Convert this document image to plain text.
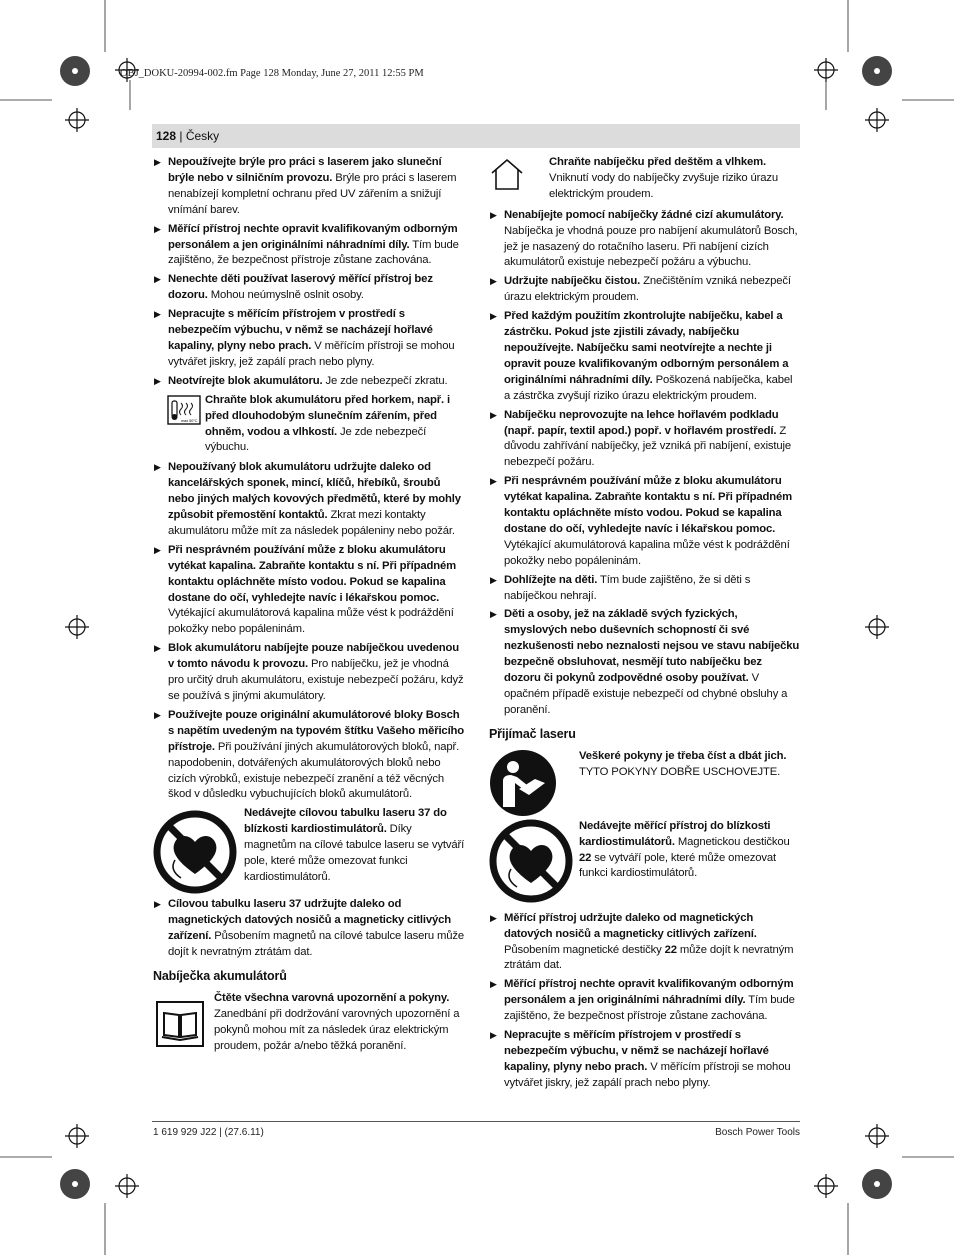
OBJ_DOKU-20994-002.fm Page 128 Monday, June 27, 2011 12:55 PM
128 | Česky

▶ Nepoužívejte brýle pro práci s laserem jako sluneční brýle nebo v silničním provozu. Brýle pro práci s laserem nenabízejí kompletní ochranu před UV zářením a snižují vnímání barev.

▶ Měřící přístroj nechte opravit kvalifikovaným odborným personálem a jen originálními náhradními díly. Tím bude zajištěno, že bezpečnost přístroje zůstane zachována.

▶ Nenechte děti používat laserový měřící přístroj bez dozoru. Mohou neúmyslně oslnit osoby.

▶ Nepracujte s měřícím přístrojem v prostředí s nebezpečím výbuchu, v němž se nacházejí hořlavé kapaliny, plyny nebo prach. V měřícím přístroji se mohou vytvářet jiskry, jež zapálí prach nebo plyny.

▶ Neotvírejte blok akumulátoru. Je zde nebezpečí zkratu.

max 50°C
Chraňte blok akumulátoru před horkem, např. i před dlouhodobým slunečním zářením, před ohněm, vodou a vlhkostí. Je zde nebezpečí výbuchu.

▶ Nepoužívaný blok akumulátoru udržujte daleko od kancelářských sponek, mincí, klíčů, hřebíků, šroubů nebo jiných malých kovových předmětů, které by mohly způsobit přemostění kontaktů. Zkrat mezi kontakty akumulátoru může mít za následek popáleniny nebo požár.

▶ Při nesprávném používání může z bloku akumulátoru vytékat kapalina. Zabraňte kontaktu s ní. Při případném kontaktu opláchněte místo vodou. Pokud se kapalina dostane do očí, vyhledejte navíc i lékařskou pomoc. Vytékající akumulátorová kapalina může vést k podráždění pokožky nebo popáleninám.

▶ Blok akumulátoru nabíjejte pouze nabíječkou uvedenou v tomto návodu k provozu. Pro nabíječku, jež je vhodná pro určitý druh akumulátoru, existuje nebezpečí požáru, když se používá s jinými akumulátory.

▶ Používejte pouze originální akumulátorové bloky Bosch s napětím uvedeným na typovém štítku Vašeho měřicího přístroje. Při používání jiných akumulátorových bloků, např. napodobenin, dotvářených akumulátorových bloků nebo cizích výrobků, existuje nebezpečí zranění a též věcných škod v důsledku vybuchujících bloků akumulátorů.

Nedávejte cílovou tabulku laseru 37 do blízkosti kardiostimulátorů. Díky magnetům na cílové tabulce laseru se vytváří pole, které může omezovat funkci kardiostimulátorů.

▶ Cílovou tabulku laseru 37 udržujte daleko od magnetických datových nosičů a magneticky citlivých zařízení. Působením magnetů na cílové tabulce laseru může dojít k nevratným ztrátám dat.

Nabíječka akumulátorů

Čtěte všechna varovná upozornění a pokyny. Zanedbání při dodržování varovných upozornění a pokynů mohou mít za následek úraz elektrickým proudem, požár a/nebo těžká poranění.
Chraňte nabíječku před deštěm a vlhkem. Vniknutí vody do nabíječky zvyšuje riziko úrazu elektrickým proudem.

▶ Nenabíjejte pomocí nabíječky žádné cizí akumulátory. Nabíječka je vhodná pouze pro nabíjení akumulátorů Bosch, jež je nasazený do rotačního laseru. Při nabíjení cizích akumulátorů existuje nebezpečí požáru a výbuchu.

▶ Udržujte nabíječku čistou. Znečištěním vzniká nebezpečí úrazu elektrickým proudem.

▶ Před každým použitím zkontrolujte nabíječku, kabel a zástrčku. Pokud jste zjistili závady, nabíječku nepoužívejte. Nabíječku sami neotvírejte a nechte ji opravit pouze kvalifikovaným odborným personálem a originálními náhradními díly. Poškozená nabíječka, kabel a zástrčka zvyšují riziko úrazu elektrickým proudem.

▶ Nabíječku neprovozujte na lehce hořlavém podkladu (např. papír, textil apod.) popř. v hořlavém prostředí. Z důvodu zahřívání nabíječky, jež vzniká při nabíjení, existuje nebezpečí požáru.

▶ Při nesprávném používání může z bloku akumulátoru vytékat kapalina. Zabraňte kontaktu s ní. Při případném kontaktu opláchněte místo vodou. Pokud se kapalina dostane do očí, vyhledejte navíc i lékařskou pomoc. Vytékající akumulátorová kapalina může vést k podráždění pokožky nebo popáleninám.

▶ Dohlížejte na děti. Tím bude zajištěno, že si děti s nabíječkou nehrají.

▶ Děti a osoby, jež na základě svých fyzických, smyslových nebo duševních schopností či své nezkušenosti nebo neznalosti nejsou ve stavu nabíječku bezpečně obsluhovat, nesmějí tuto nabíječku bez dozoru či pokynů zodpovědné osoby používat. V opačném případě existuje nebezpečí od chybné obsluhy a poranění.

Přijímač laseru

Veškeré pokyny je třeba číst a dbát jich. TYTO POKYNY DOBŘE USCHOVEJTE.
Nedávejte měřící přístroj do blízkosti kardiostimulátorů. Magnetickou destičkou 22 se vytváří pole, které může omezovat funkci kardiostimulátorů.

▶ Měřící přístroj udržujte daleko od magnetických datových nosičů a magneticky citlivých zařízení. Působením magnetické destičky 22 může dojít k nevratným ztrátám dat.

▶ Měřící přístroj nechte opravit kvalifikovaným odborným personálem a jen originálními náhradními díly. Tím bude zajištěno, že bezpečnost přístroje zůstane zachována.

▶ Nepracujte s měřícím přístrojem v prostředí s nebezpečím výbuchu, v němž se nacházejí hořlavé kapaliny, plyny nebo prach. V měřícím přístroji se mohou vytvářet jiskry, jež zapálí prach nebo plyny.

1 619 929 J22 | (27.6.11)	Bosch Power Tools
